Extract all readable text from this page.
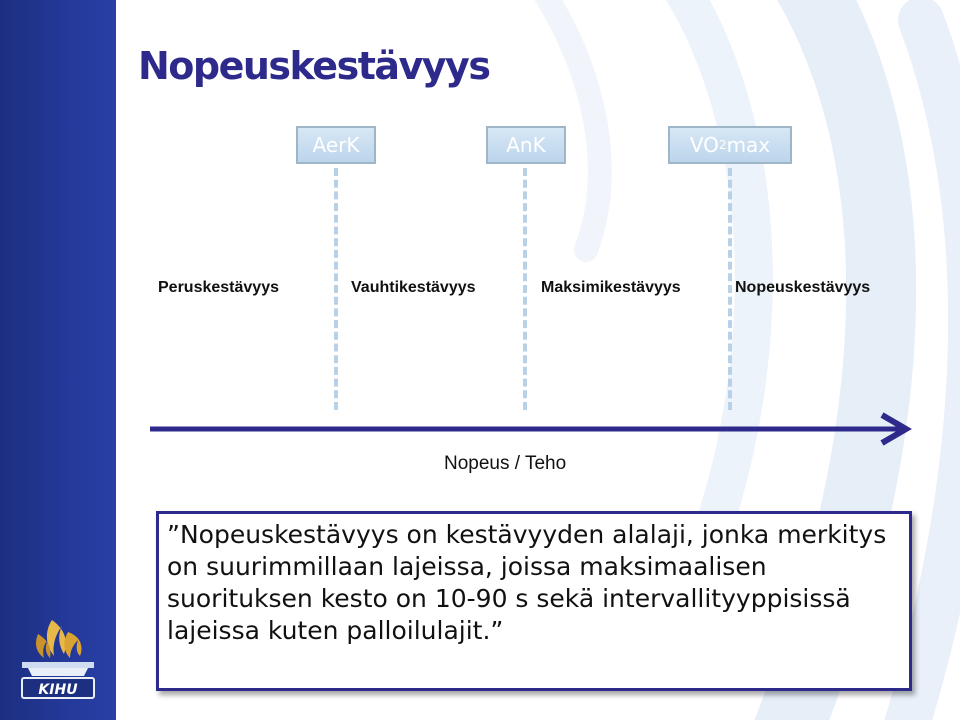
Nopeuskestävyys
AerK	AnK	VO 2 max
Peruskestävyys	Vauhtikestävyys	Maksimikestävyys	Nopeuskestävyys
Nopeus / Teho
”Nopeuskestävyys on kestävyyden alalaji, jonka merkitys on suurimmillaan lajeissa, joissa maksimaalisen suorituksen kesto on 10-90 s sekä intervallityyppisissä lajeissa kuten palloilulajit.”
KIHU
